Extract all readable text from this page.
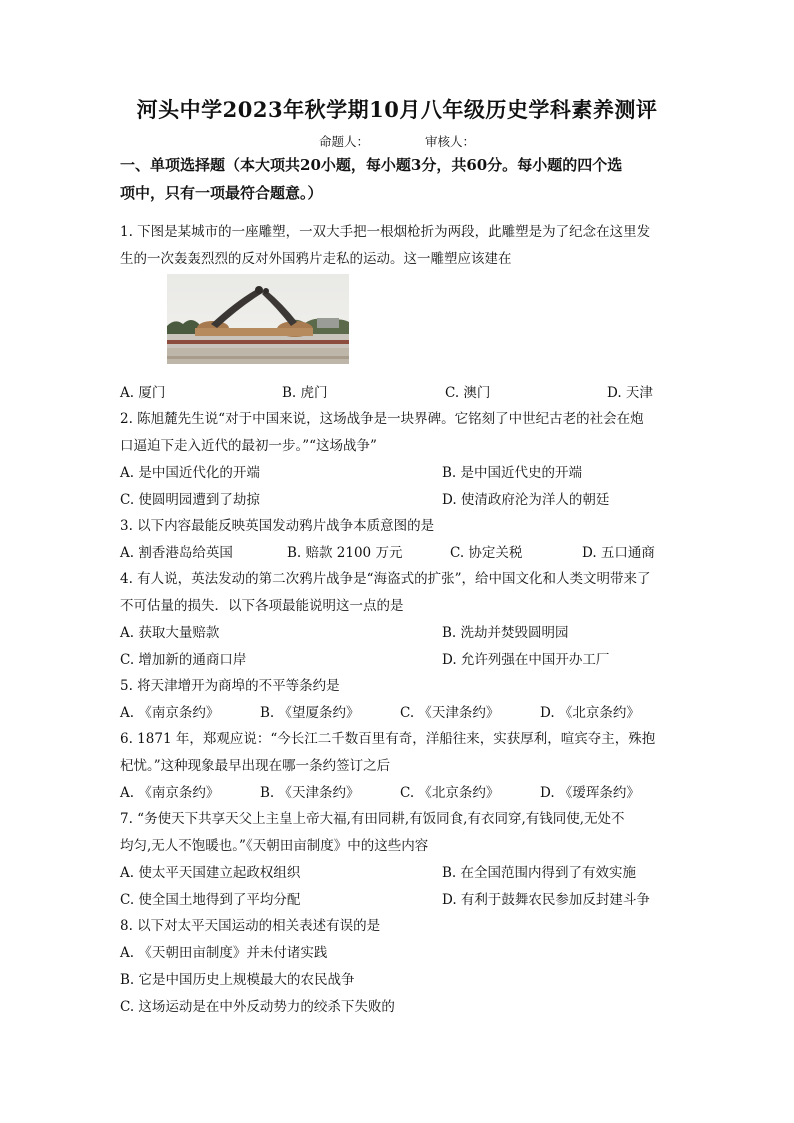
河头中学2023年秋学期10月八年级历史学科素养测评
命题人：	审核人：
一、单项选择题（本大项共20小题，每小题3分，共60分。每小题的四个选
项中，只有一项最符合题意。）
1. 下图是某城市的一座雕塑，一双大手把一根烟枪折为两段，此雕塑是为了纪念在这里发
生的一次轰轰烈烈的反对外国鸦片走私的运动。这一雕塑应该建在
A. 厦门	B. 虎门	C. 澳门	D. 天津
2. 陈旭麓先生说“对于中国来说，这场战争是一块界碑。它铭刻了中世纪古老的社会在炮
口逼迫下走入近代的最初一步。”“这场战争”
A. 是中国近代化的开端	B. 是中国近代史的开端
C. 使圆明园遭到了劫掠	D. 使清政府沦为洋人的朝廷
3. 以下内容最能反映英国发动鸦片战争本质意图的是
A. 割香港岛给英国	B. 赔款 2100 万元	C. 协定关税	D. 五口通商
4. 有人说，英法发动的第二次鸦片战争是“海盗式的扩张”，给中国文化和人类文明带来了
不可估量的损失．以下各项最能说明这一点的是
A. 获取大量赔款	B. 洗劫并焚毁圆明园
C. 增加新的通商口岸	D. 允许列强在中国开办工厂
5. 将天津增开为商埠的不平等条约是
A. 《南京条约》	B. 《望厦条约》	C. 《天津条约》	D. 《北京条约》
6. 1871 年，郑观应说：“今长江二千数百里有奇，洋船往来，实获厚利，喧宾夺主，殊抱
杞忧。”这种现象最早出现在哪一条约签订之后
A. 《南京条约》	B. 《天津条约》	C. 《北京条约》	D. 《瑷珲条约》
7. “务使天下共享天父上主皇上帝大福,有田同耕,有饭同食,有衣同穿,有钱同使,无处不
均匀,无人不饱暖也。”《天朝田亩制度》中的这些内容
A. 使太平天国建立起政权组织	B. 在全国范围内得到了有效实施
C. 使全国土地得到了平均分配	D. 有利于鼓舞农民参加反封建斗争
8. 以下对太平天国运动的相关表述有误的是
A. 《天朝田亩制度》并未付诸实践
B. 它是中国历史上规模最大的农民战争
C. 这场运动是在中外反动势力的绞杀下失败的
